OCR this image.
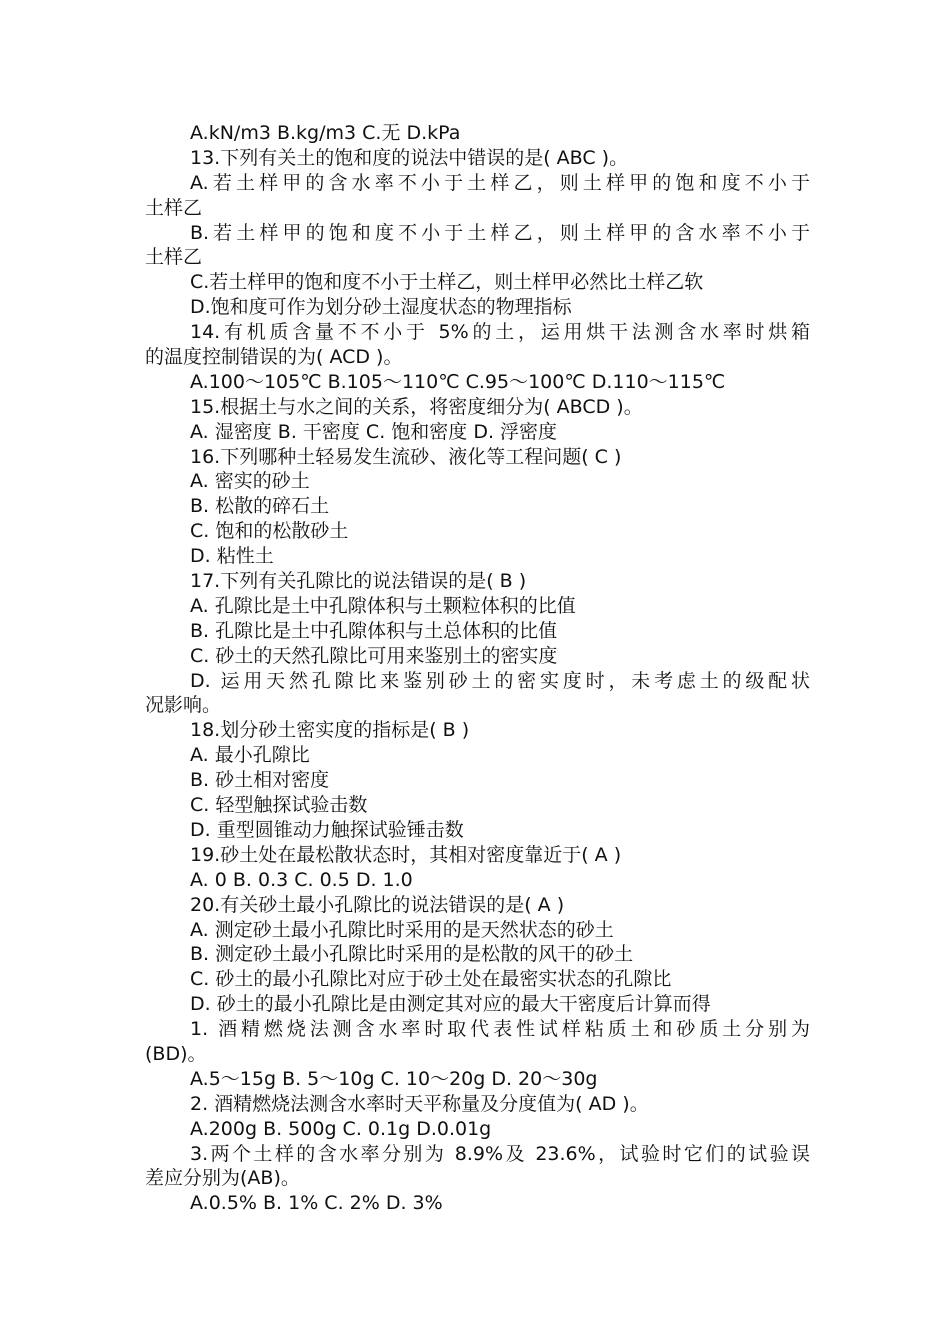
A.kN/m3 B.kg/m3 C.无 D.kPa
13.下列有关土的饱和度的说法中错误的是( ABC )。
A.若土样甲的含水率不小于土样乙，则土样甲的饱和度不小于
土样乙
B.若土样甲的饱和度不小于土样乙，则土样甲的含水率不小于
土样乙
C.若土样甲的饱和度不小于土样乙，则土样甲必然比土样乙软
D.饱和度可作为划分砂土湿度状态的物理指标
14.有机质含量不不小于 5%的土，运用烘干法测含水率时烘箱
的温度控制错误的为( ACD )。
A.100～105℃ B.105～110℃ C.95～100℃ D.110～115℃
15.根据土与水之间的关系，将密度细分为( ABCD )。
A. 湿密度 B. 干密度 C. 饱和密度 D. 浮密度
16.下列哪种土轻易发生流砂、液化等工程问题( C )
A. 密实的砂土
B. 松散的碎石土
C. 饱和的松散砂土
D. 粘性土
17.下列有关孔隙比的说法错误的是( B )
A. 孔隙比是土中孔隙体积与土颗粒体积的比值
B. 孔隙比是土中孔隙体积与土总体积的比值
C. 砂土的天然孔隙比可用来鉴别土的密实度
D. 运用天然孔隙比来鉴别砂土的密实度时，未考虑土的级配状
况影响。
18.划分砂土密实度的指标是( B )
A. 最小孔隙比
B. 砂土相对密度
C. 轻型触探试验击数
D. 重型圆锥动力触探试验锤击数
19.砂土处在最松散状态时，其相对密度靠近于( A )
A. 0 B. 0.3 C. 0.5 D. 1.0
20.有关砂土最小孔隙比的说法错误的是( A )
A. 测定砂土最小孔隙比时采用的是天然状态的砂土
B. 测定砂土最小孔隙比时采用的是松散的风干的砂土
C. 砂土的最小孔隙比对应于砂土处在最密实状态的孔隙比
D. 砂土的最小孔隙比是由测定其对应的最大干密度后计算而得
1. 酒精燃烧法测含水率时取代表性试样粘质土和砂质土分别为
(BD)。
A.5～15g B. 5～10g C. 10～20g D. 20～30g
2. 酒精燃烧法测含水率时天平称量及分度值为( AD )。
A.200g B. 500g C. 0.1g D.0.01g
3.两个土样的含水率分别为 8.9%及 23.6%，试验时它们的试验误
差应分别为(AB)。
A.0.5% B. 1% C. 2% D. 3%
